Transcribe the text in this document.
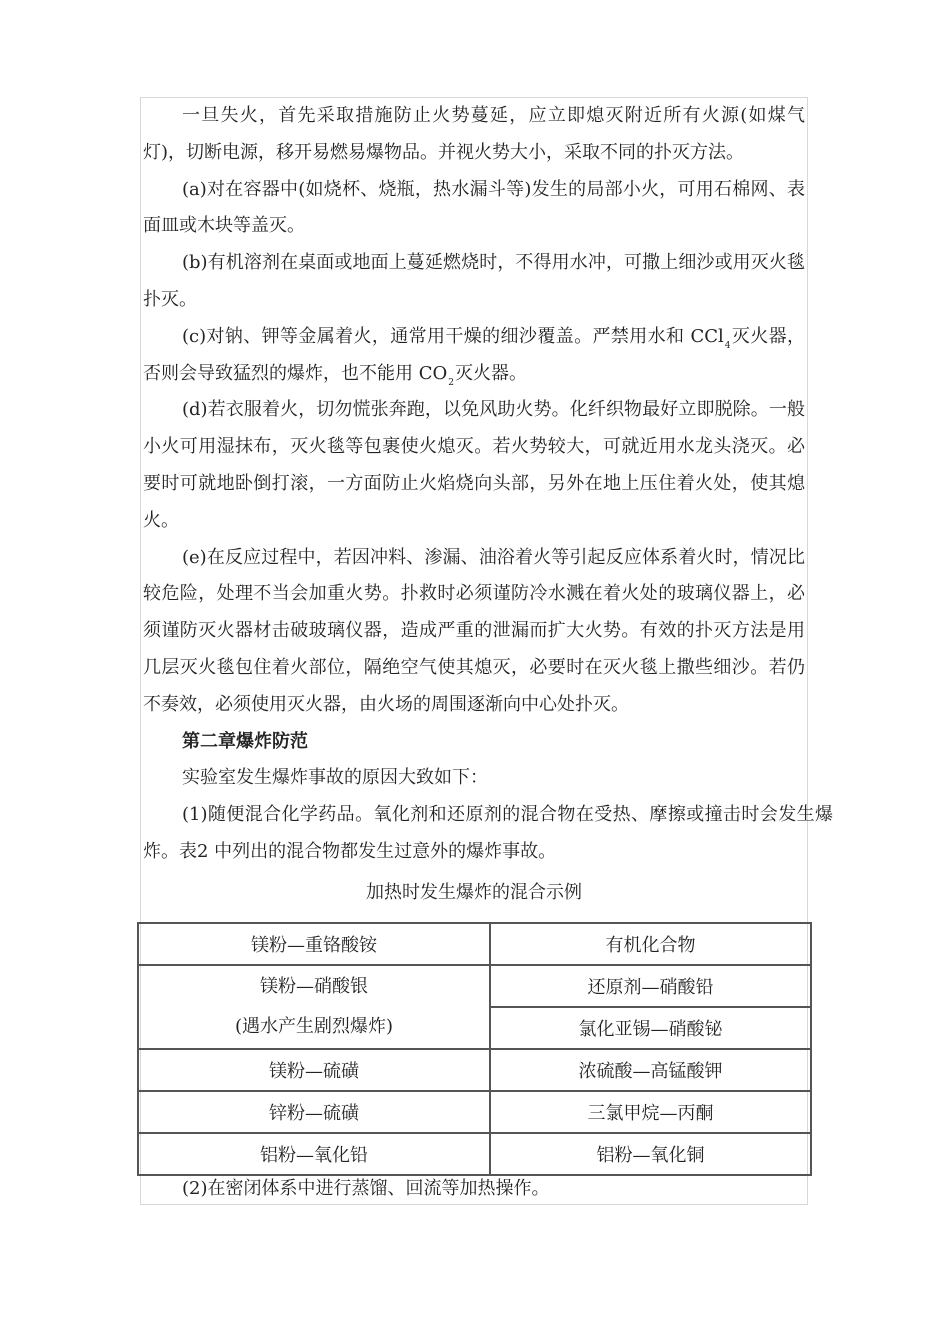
一旦失火，首先采取措施防止火势蔓延，应立即熄灭附近所有火源(如煤气灯)，切断电源，移开易燃易爆物品。并视火势大小，采取不同的扑灭方法。

(a)对在容器中(如烧杯、烧瓶，热水漏斗等)发生的局部小火，可用石棉网、表面皿或木块等盖灭。

(b)有机溶剂在桌面或地面上蔓延燃烧时，不得用水冲，可撒上细沙或用灭火毯扑灭。

(c)对钠、钾等金属着火，通常用干燥的细沙覆盖。严禁用水和 CCl$_4$灭火器，否则会导致猛烈的爆炸，也不能用 $CO_2$灭火器。

(d)若衣服着火，切勿慌张奔跑，以免风助火势。化纤织物最好立即脱除。一般小火可用湿抹布，灭火毯等包裹使火熄灭。若火势较大，可就近用水龙头浇灭。必要时可就地卧倒打滚，一方面防止火焰烧向头部，另外在地上压住着火处，使其熄火。

(e)在反应过程中，若因冲料、渗漏、油浴着火等引起反应体系着火时，情况比较危险，处理不当会加重火势。扑救时必须谨防冷水溅在着火处的玻璃仪器上，必须谨防灭火器材击破玻璃仪器，造成严重的泄漏而扩大火势。有效的扑灭方法是用几层灭火毯包住着火部位，隔绝空气使其熄灭，必要时在灭火毯上撒些细沙。若仍不奏效，必须使用灭火器，由火场的周围逐渐向中心处扑灭。

第二章爆炸防范

实验室发生爆炸事故的原因大致如下：

(1)随便混合化学药品。氧化剂和还原剂的混合物在受热、摩擦或撞击时会发生爆炸。表2 中列出的混合物都发生过意外的爆炸事故。

加热时发生爆炸的混合示例

镁粉—重铬酸铵	有机化合物

镁粉—硝酸银
(遇水产生剧烈爆炸)	还原剂—硝酸铅
	氯化亚锡—硝酸铋
镁粉—硫磺	浓硫酸—高锰酸钾
锌粉—硫磺	三氯甲烷—丙酮
铝粉—氧化铅	铝粉—氧化铜

(2)在密闭体系中进行蒸馏、回流等加热操作。
